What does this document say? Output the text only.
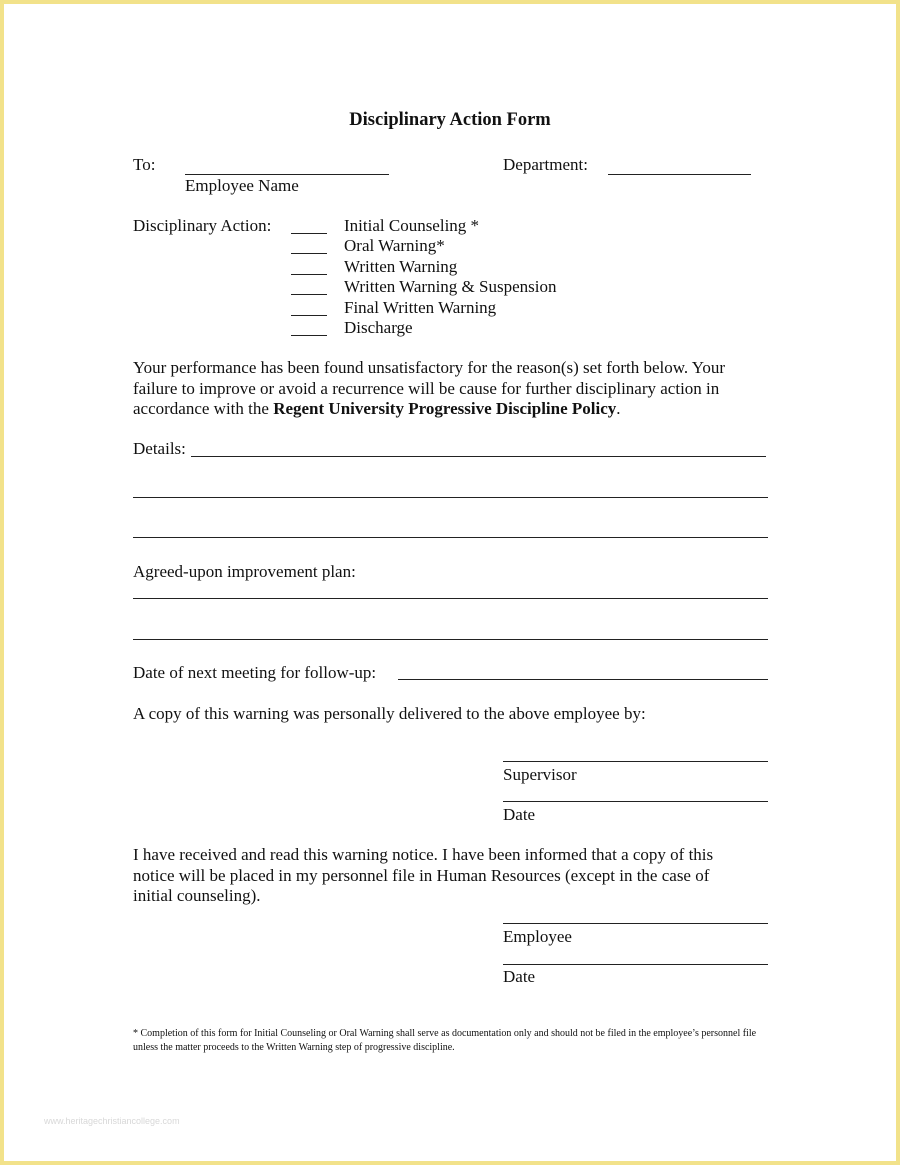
Disciplinary Action Form
To:
Employee Name
Department:
Disciplinary Action:	Initial Counseling *
Oral Warning*
Written Warning
Written Warning & Suspension
Final Written Warning
Discharge
Your performance has been found unsatisfactory for the reason(s) set forth below. Your failure to improve or avoid a recurrence will be cause for further disciplinary action in accordance with the Regent University Progressive Discipline Policy.
Details:
Agreed-upon improvement plan:
Date of next meeting for follow-up:
A copy of this warning was personally delivered to the above employee by:
Supervisor
Date
I have received and read this warning notice. I have been informed that a copy of this notice will be placed in my personnel file in Human Resources (except in the case of initial counseling).
Employee
Date
* Completion of this form for Initial Counseling or Oral Warning shall serve as documentation only and should not be filed in the employee’s personnel file unless the matter proceeds to the Written Warning step of progressive discipline.
www.heritagechristiancollege.com
